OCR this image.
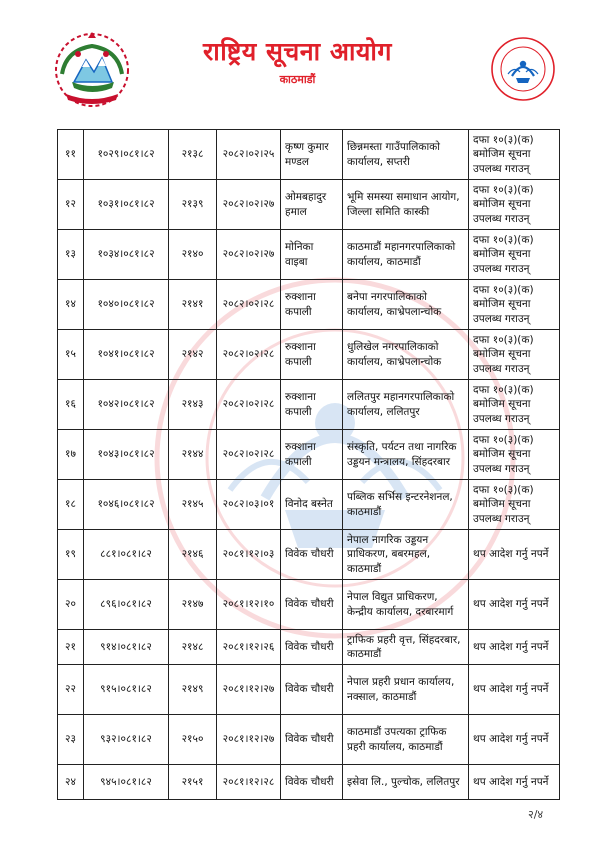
राष्ट्रिय सूचना आयोग
काठमाडौं
११	१०२९।०८१।८२	२१३८	२०८२।०२।२५	कृष्ण कुमार मण्डल	छिन्नमस्ता गाउँपालिकाको कार्यालय, सप्तरी	दफा १०(३)(क) बमोजिम सूचना उपलब्ध गराउन्
१२	१०३१।०८१।८२	२१३९	२०८२।०२।२७	ओमबहादुर हमाल	भूमि समस्या समाधान आयोग, जिल्ला समिति कास्की	दफा १०(३)(क) बमोजिम सूचना उपलब्ध गराउन्
१३	१०३४।०८१।८२	२१४०	२०८२।०२।२७	मोनिका वाइबा	काठमाडौं महानगरपालिकाको कार्यालय, काठमाडौं	दफा १०(३)(क) बमोजिम सूचना उपलब्ध गराउन्
१४	१०४०।०८१।८२	२१४१	२०८२।०२।२८	रुक्शाना कपाली	बनेपा नगरपालिकाको कार्यालय, काभ्रेपलान्चोक	दफा १०(३)(क) बमोजिम सूचना उपलब्ध गराउन्
१५	१०४१।०८१।८२	२१४२	२०८२।०२।२८	रुक्शाना कपाली	धुलिखेल नगरपालिकाको कार्यालय, काभ्रेपलान्चोक	दफा १०(३)(क) बमोजिम सूचना उपलब्ध गराउन्
१६	१०४२।०८१।८२	२१४३	२०८२।०२।२८	रुक्शाना कपाली	ललितपुर महानगरपालिकाको कार्यालय, ललितपुर	दफा १०(३)(क) बमोजिम सूचना उपलब्ध गराउन्
१७	१०४३।०८१।८२	२१४४	२०८२।०२।२८	रुक्शाना कपाली	संस्कृति, पर्यटन तथा नागरिक उड्डयन मन्त्रालय, सिंहदरबार	दफा १०(३)(क) बमोजिम सूचना उपलब्ध गराउन्
१८	१०४६।०८१।८२	२१४५	२०८२।०३।०१	विनोद बस्नेत	पब्लिक सर्भिस इन्टरनेशनल, काठमाडौं	दफा १०(३)(क) बमोजिम सूचना उपलब्ध गराउन्
१९	८८१।०८१।८२	२१४६	२०८१।१२।०३	विवेक चौधरी	नेपाल नागरिक उड्डयन प्राधिकरण, बबरमहल, काठमाडौं	थप आदेश गर्नु नपर्ने
२०	८९६।०८१।८२	२१४७	२०८१।१२।१०	विवेक चौधरी	नेपाल विद्युत प्राधिकरण, केन्द्रीय कार्यालय, दरबारमार्ग	थप आदेश गर्नु नपर्ने
२१	९१४।०८१।८२	२१४८	२०८१।१२।२६	विवेक चौधरी	ट्राफिक प्रहरी वृत्त, सिंहदरबार, काठमाडौं	थप आदेश गर्नु नपर्ने
२२	९१५।०८१।८२	२१४९	२०८१।१२।२७	विवेक चौधरी	नेपाल प्रहरी प्रधान कार्यालय, नक्साल, काठमाडौं	थप आदेश गर्नु नपर्ने
२३	९३२।०८१।८२	२१५०	२०८१।१२।२७	विवेक चौधरी	काठमाडौं उपत्यका ट्राफिक प्रहरी कार्यालय, काठमाडौं	थप आदेश गर्नु नपर्ने
२४	९४५।०८१।८२	२१५१	२०८१।१२।२८	विवेक चौधरी	इसेवा लि., पुल्चोक, ललितपुर	थप आदेश गर्नु नपर्ने
२/४
